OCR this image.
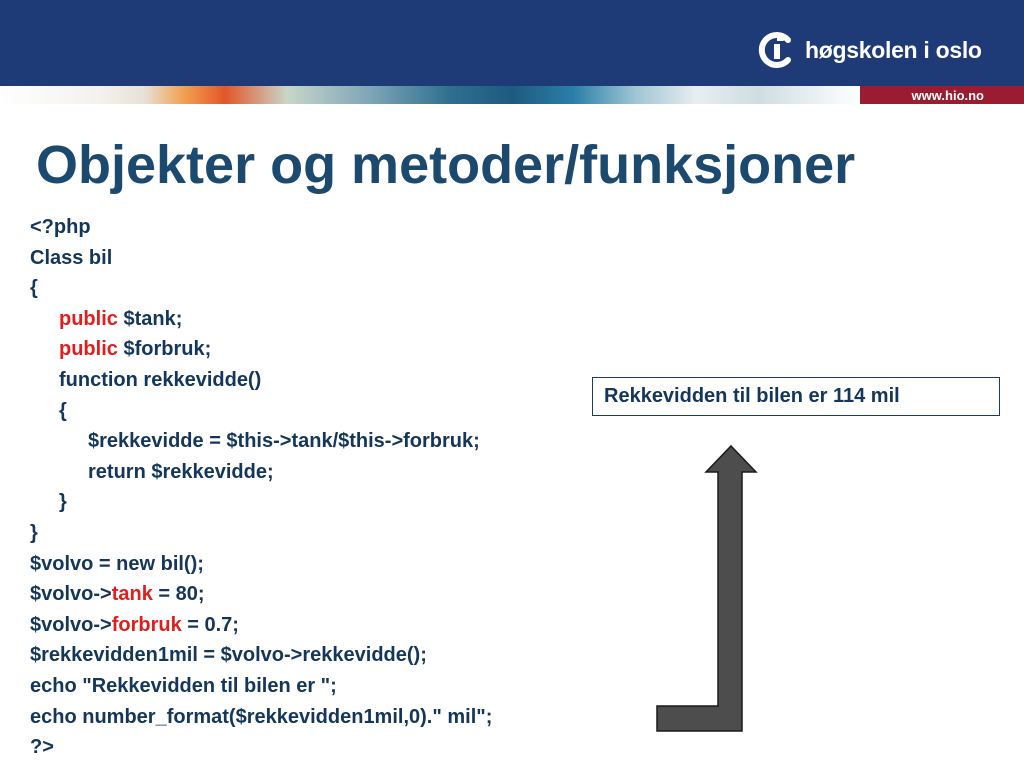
www.hio.no
høgskolen i oslo
Objekter og metoder/funksjoner
<?php
Class bil
{
public $tank;
public $forbruk;
function rekkevidde()
{
$rekkevidde = $this->tank/$this->forbruk;
return $rekkevidde;
}
}
$volvo = new bil();
$volvo->tank = 80;
$volvo->forbruk = 0.7;
$rekkevidden1mil = $volvo->rekkevidde();
echo "Rekkevidden til bilen er ";
echo number_format($rekkevidden1mil,0)." mil";
?>
Rekkevidden til bilen er 114 mil
